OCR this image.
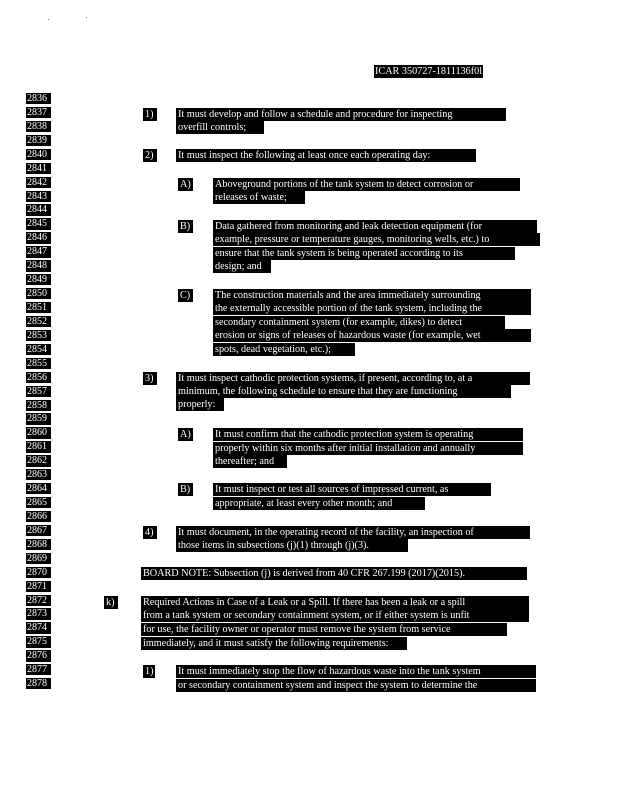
ICAR 350727-1811136f0l
2836
2837
2838
2839
2840
2841
2842
2843
2844
2845
2846
2847
2848
2849
2850
2851
2852
2853
2854
2855
2856
2857
2858
2859
2860
2861
2862
2863
2864
2865
2866
2867
2868
2869
2870
2871
2872
2873
2874
2875
2876
2877
2878
1)	It must develop and follow a schedule and procedure for inspecting
overfill controls;
2)	It must inspect the following at least once each operating day:
A) Aboveground portions of the tank system to detect corrosion or
releases of waste;
B) Data gathered from monitoring and leak detection equipment (for
example, pressure or temperature gauges, monitoring wells, etc.) to
ensure that the tank system is being operated according to its
design; and
C) The construction materials and the area immediately surrounding
the externally accessible portion of the tank system, including the
secondary containment system (for example, dikes) to detect
erosion or signs of releases of hazardous waste (for example, wet
spots, dead vegetation, etc.);
3)	It must inspect cathodic protection systems, if present, according to, at a
minimum, the following schedule to ensure that they are functioning
properly:
A) It must confirm that the cathodic protection system is operating
properly within six months after initial installation and annually
thereafter; and
B) It must inspect or test all sources of impressed current, as
appropriate, at least every other month; and
4)	It must document, in the operating record of the facility, an inspection of
those items in subsections (j)(1) through (j)(3).
BOARD NOTE: Subsection (j) is derived from 40 CFR 267.199 (2017)(2015).
k)	Required Actions in Case of a Leak or a Spill. If there has been a leak or a spill
from a tank system or secondary containment system, or if either system is unfit
for use, the facility owner or operator must remove the system from service
immediately, and it must satisfy the following requirements:
1) It must immediately stop the flow of hazardous waste into the tank system
or secondary containment system and inspect the system to determine the
